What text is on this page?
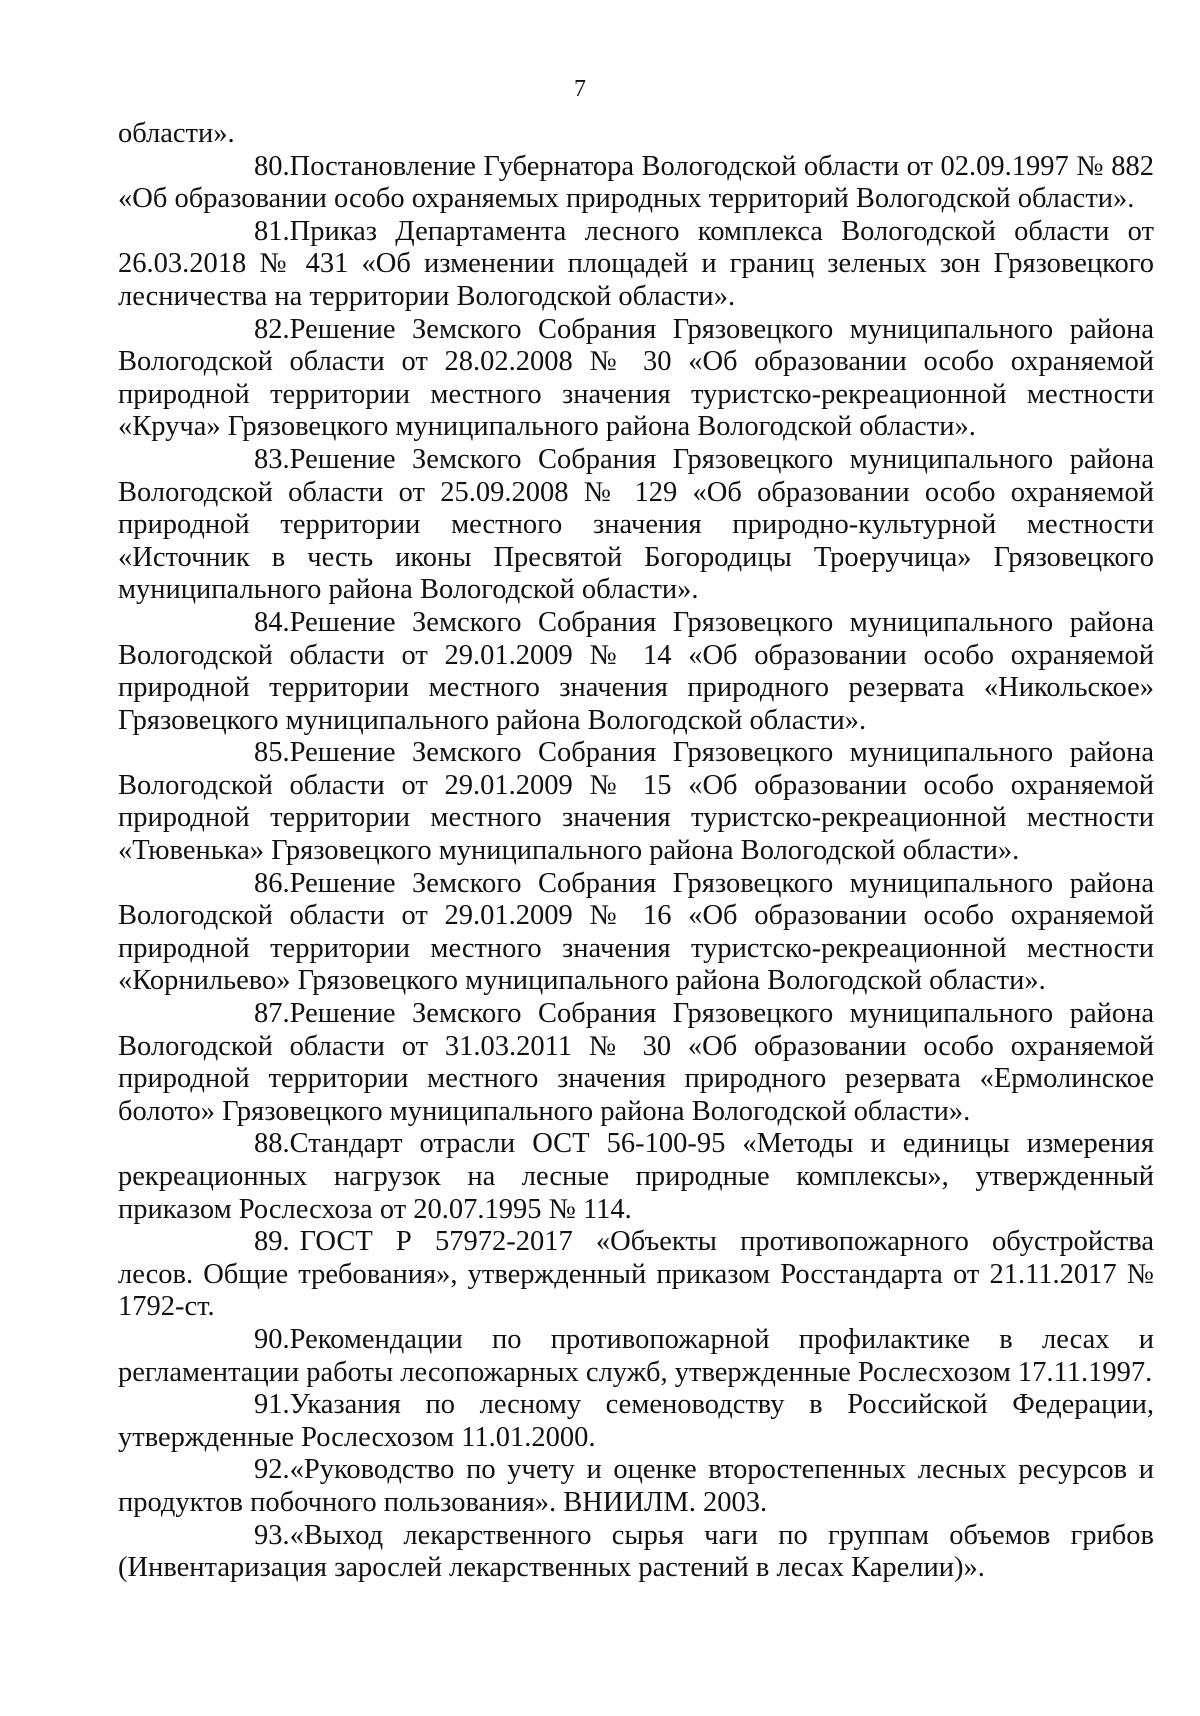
7

области».

80.Постановление Губернатора Вологодской области от 02.09.1997 № 882 «Об образовании особо охраняемых природных территорий Вологодской области».

81.Приказ Департамента лесного комплекса Вологодской области от 26.03.2018 № 431 «Об изменении площадей и границ зеленых зон Грязовецкого лесничества на территории Вологодской области».

82.Решение Земского Собрания Грязовецкого муниципального района Вологодской области от 28.02.2008 № 30 «Об образовании особо охраняемой природной территории местного значения туристско-рекреационной местности «Круча» Грязовецкого муниципального района Вологодской области».

83.Решение Земского Собрания Грязовецкого муниципального района Вологодской области от 25.09.2008 № 129 «Об образовании особо охраняемой природной территории местного значения природно-культурной местности «Источник в честь иконы Пресвятой Богородицы Троеручица» Грязовецкого муниципального района Вологодской области».

84.Решение Земского Собрания Грязовецкого муниципального района Вологодской области от 29.01.2009 № 14 «Об образовании особо охраняемой природной территории местного значения природного резервата «Никольское» Грязовецкого муниципального района Вологодской области».

85.Решение Земского Собрания Грязовецкого муниципального района Вологодской области от 29.01.2009 № 15 «Об образовании особо охраняемой природной территории местного значения туристско-рекреационной местности «Тювенька» Грязовецкого муниципального района Вологодской области».

86.Решение Земского Собрания Грязовецкого муниципального района Вологодской области от 29.01.2009 № 16 «Об образовании особо охраняемой природной территории местного значения туристско-рекреационной местности «Корнильево» Грязовецкого муниципального района Вологодской области».

87.Решение Земского Собрания Грязовецкого муниципального района Вологодской области от 31.03.2011 № 30 «Об образовании особо охраняемой природной территории местного значения природного резервата «Ермолинское болото» Грязовецкого муниципального района Вологодской области».

88.Стандарт отрасли ОСТ 56-100-95 «Методы и единицы измерения рекреационных нагрузок на лесные природные комплексы», утвержденный приказом Рослесхоза от 20.07.1995 № 114.

89. ГОСТ Р 57972-2017 «Объекты противопожарного обустройства лесов. Общие требования», утвержденный приказом Росстандарта от 21.11.2017 № 1792-ст.

90.Рекомендации по противопожарной профилактике в лесах и регламентации работы лесопожарных служб, утвержденные Рослесхозом 17.11.1997.

91.Указания по лесному семеноводству в Российской Федерации, утвержденные Рослесхозом 11.01.2000.

92.«Руководство по учету и оценке второстепенных лесных ресурсов и продуктов побочного пользования». ВНИИЛМ. 2003.

93.«Выход лекарственного сырья чаги по группам объемов грибов (Инвентаризация зарослей лекарственных растений в лесах Карелии)».
